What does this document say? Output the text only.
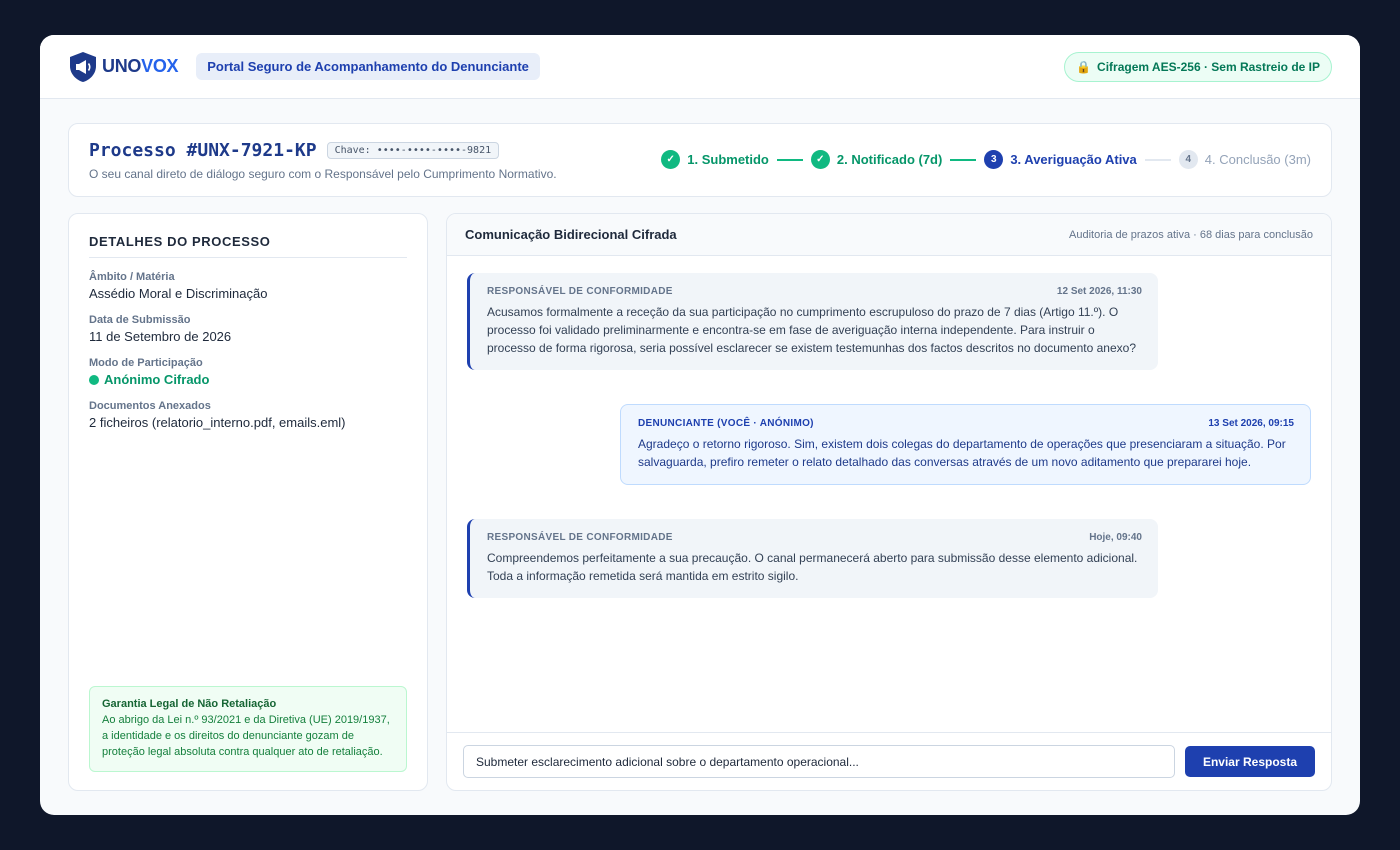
UNOVOX	Portal Seguro de Acompanhamento do Denunciante	🔒 Cifragem AES-256 · Sem Rastreio de IP
Processo #UNX-7921-KP	Chave: ••••-••••-••••-9821
O seu canal direto de diálogo seguro com o Responsável pelo Cumprimento Normativo.
✓ 1. Submetido	✓ 2. Notificado (7d)	3	3. Averiguação Ativa	4	4. Conclusão (3m)
DETALHES DO PROCESSO
Âmbito / Matéria
Assédio Moral e Discriminação
Data de Submissão
11 de Setembro de 2026
Modo de Participação
Anónimo Cifrado
Documentos Anexados
2 ficheiros (relatorio_interno.pdf, emails.eml)
Garantia Legal de Não Retaliação
Ao abrigo da Lei n.º 93/2021 e da Diretiva (UE) 2019/1937, a identidade e os direitos do denunciante gozam de proteção legal absoluta contra qualquer ato de retaliação.
Comunicação Bidirecional Cifrada	Auditoria de prazos ativa · 68 dias para conclusão
RESPONSÁVEL DE CONFORMIDADE	12 Set 2026, 11:30
Acusamos formalmente a receção da sua participação no cumprimento escrupuloso do prazo de 7 dias (Artigo 11.º). O processo foi validado preliminarmente e encontra-se em fase de averiguação interna independente. Para instruir o processo de forma rigorosa, seria possível esclarecer se existem testemunhas dos factos descritos no documento anexo?
DENUNCIANTE (VOCÊ · ANÓNIMO)	13 Set 2026, 09:15
Agradeço o retorno rigoroso. Sim, existem dois colegas do departamento de operações que presenciaram a situação. Por salvaguarda, prefiro remeter o relato detalhado das conversas através de um novo aditamento que prepararei hoje.
RESPONSÁVEL DE CONFORMIDADE	Hoje, 09:40
Compreendemos perfeitamente a sua precaução. O canal permanecerá aberto para submissão desse elemento adicional. Toda a informação remetida será mantida em estrito sigilo.
Submeter esclarecimento adicional sobre o departamento operacional...
Enviar Resposta
